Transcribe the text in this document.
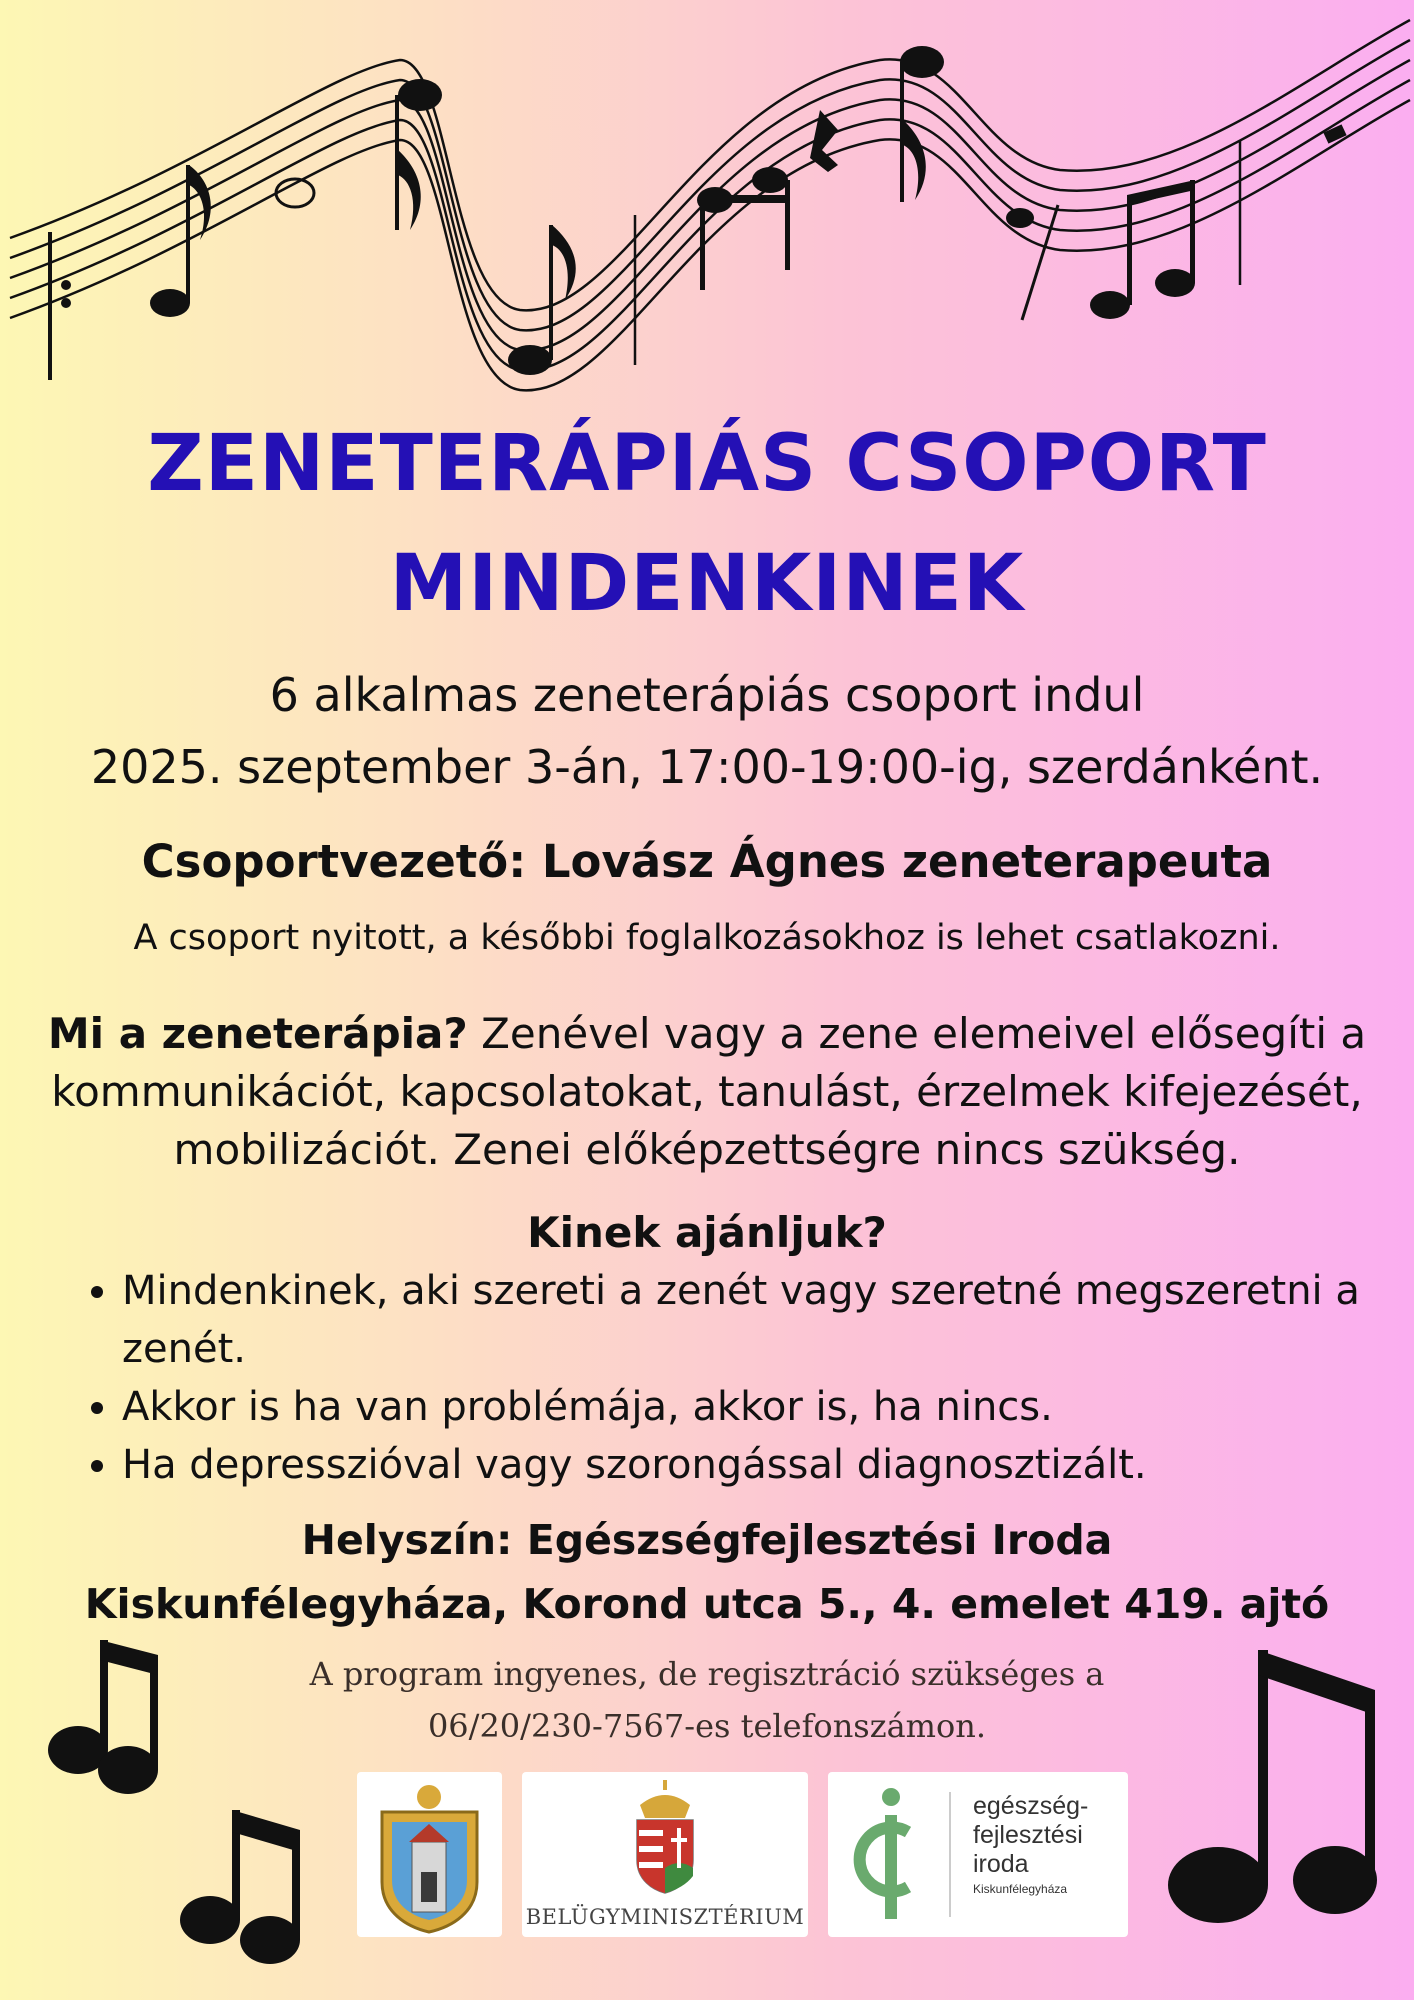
ZENETERÁPIÁS CSOPORT
MINDENKINEK
6 alkalmas zeneterápiás csoport indul
2025. szeptember 3-án, 17:00-19:00-ig, szerdánként.
Csoportvezető: Lovász Ágnes zeneterapeuta
A csoport nyitott, a későbbi foglalkozásokhoz is lehet csatlakozni.
Mi a zeneterápia? Zenével vagy a zene elemeivel elősegíti a kommunikációt, kapcsolatokat, tanulást, érzelmek kifejezését, mobilizációt. Zenei előképzettségre nincs szükség.
Kinek ajánljuk?
• Mindenkinek, aki szereti a zenét vagy szeretné megszeretni a zenét.
• Akkor is ha van problémája, akkor is, ha nincs.
• Ha depresszióval vagy szorongással diagnosztizált.
Helyszín: Egészségfejlesztési Iroda
Kiskunfélegyháza, Korond utca 5., 4. emelet 419. ajtó
A program ingyenes, de regisztráció szükséges a
06/20/230-7567-es telefonszámon.
BELÜGYMINISZTÉRIUM
egészség-
fejlesztési
iroda
Kiskunfélegyháza
